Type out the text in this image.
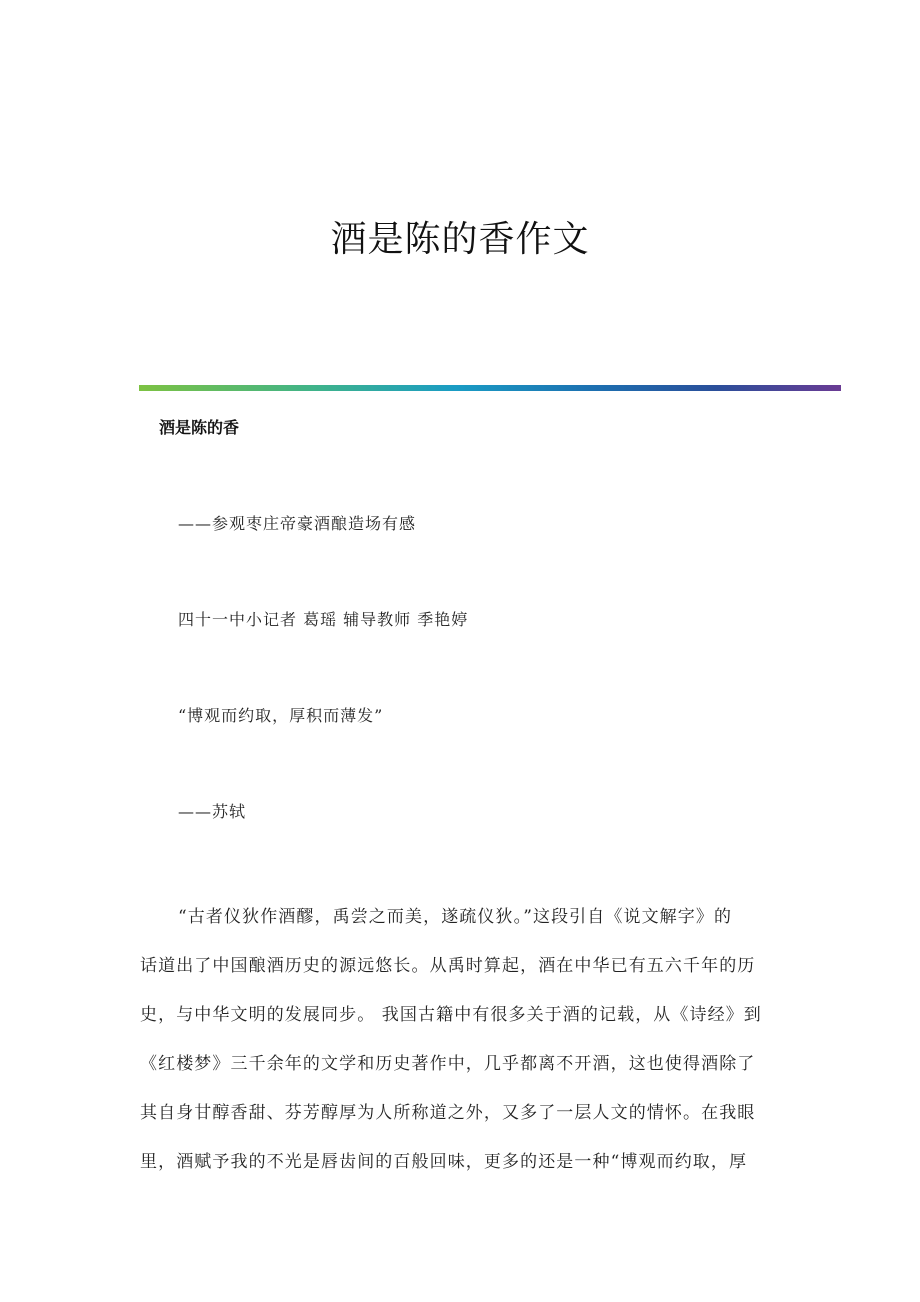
酒是陈的香作文
酒是陈的香
——参观枣庄帝豪酒酿造场有感
四十一中小记者 葛瑶 辅导教师 季艳婷
“博观而约取，厚积而薄发”
——苏轼
“古者仪狄作酒醪，禹尝之而美，遂疏仪狄。”这段引自《说文解字》的
话道出了中国酿酒历史的源远悠长。从禹时算起，酒在中华已有五六千年的历
史，与中华文明的发展同步。 我国古籍中有很多关于酒的记载，从《诗经》到
《红楼梦》三千余年的文学和历史著作中，几乎都离不开酒，这也使得酒除了
其自身甘醇香甜、芬芳醇厚为人所称道之外，又多了一层人文的情怀。在我眼
里，酒赋予我的不光是唇齿间的百般回味，更多的还是一种“博观而约取，厚
